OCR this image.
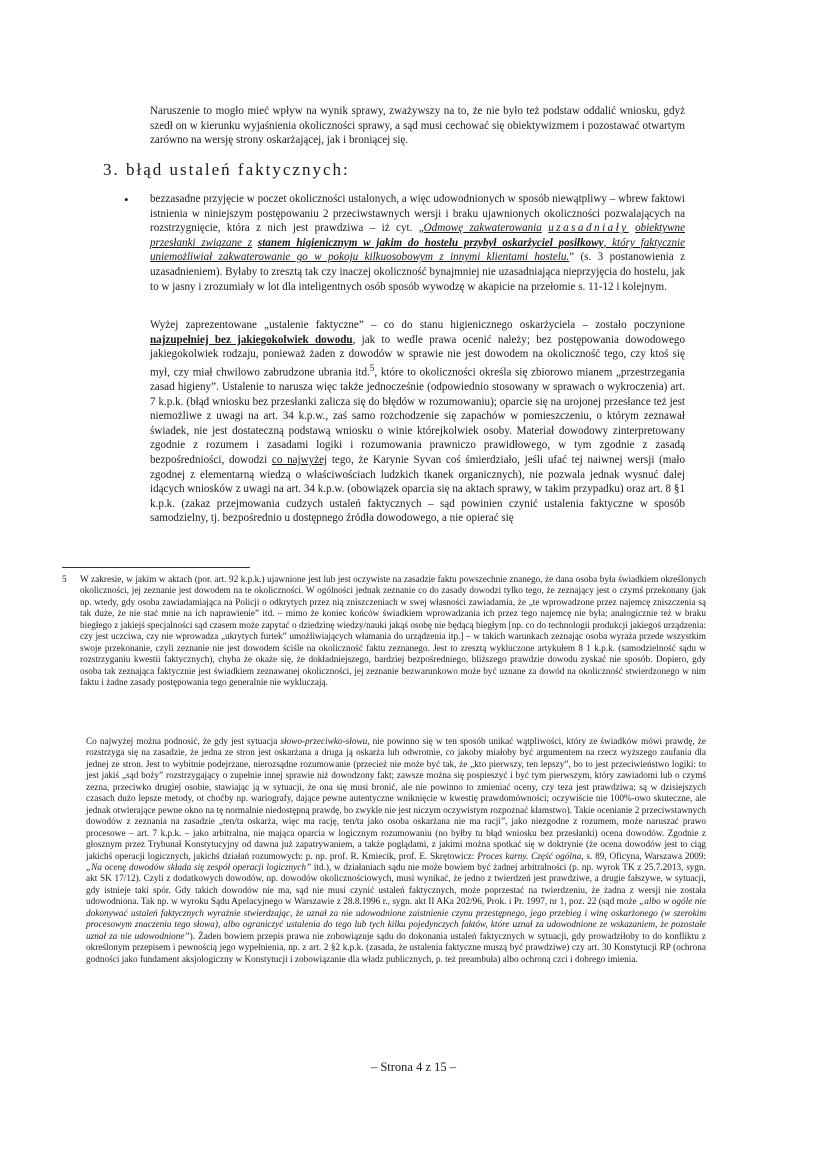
Naruszenie to mogło mieć wpływ na wynik sprawy, zważywszy na to, że nie było też podstaw oddalić wniosku, gdyż szedł on w kierunku wyjaśnienia okoliczności sprawy, a sąd musi cechować się obiektywizmem i pozostawać otwartym zarówno na wersję strony oskarżającej, jak i broniącej się.

3. błąd ustaleń faktycznych:
• bezzasadne przyjęcie w poczet okoliczności ustalonych, a więc udowodnionych w sposób niewątpliwy – wbrew faktowi istnienia w niniejszym postępowaniu 2 przeciwstawnych wersji i braku ujawnionych okoliczności pozwalających na rozstrzygnięcie, która z nich jest prawdziwa – iż cyt. „Odmowę zakwaterowania uzasadniały obiektywne przesłanki związane z stanem higienicznym w jakim do hostelu przybył oskarżyciel posiłkowy, który faktycznie uniemożliwiał zakwaterowanie go w pokoju kilkuosobowym z innymi klientami hostelu.” (s. 3 postanowienia z uzasadnieniem). Byłaby to zresztą tak czy inaczej okoliczność bynajmniej nie uzasadniająca nieprzyjęcia do hostelu, jak to w jasny i zrozumiały w lot dla inteligentnych osób sposób wywodzę w akapicie na przełomie s. 11-12 i kolejnym.

Wyżej zaprezentowane „ustalenie faktyczne” – co do stanu higienicznego oskarżyciela – zostało poczynione najzupełniej bez jakiegokolwiek dowodu, jak to wedle prawa ocenić należy; bez postępowania dowodowego jakiegokolwiek rodzaju, ponieważ żaden z dowodów w sprawie nie jest dowodem na okoliczność tego, czy ktoś się mył, czy miał chwilowo zabrudzone ubrania itd.$^5$, które to okoliczności określa się zbiorowo mianem „przestrzegania zasad higieny”. Ustalenie to narusza więc także jednocześnie (odpowiednio stosowany w sprawach o wykroczenia) art. 7 k.p.k. (błąd wniosku bez przesłanki zalicza się do błędów w rozumowaniu); oparcie się na urojonej przesłance też jest niemożliwe z uwagi na art. 34 k.p.w., zaś samo rozchodzenie się zapachów w pomieszczeniu, o którym zeznawał świadek, nie jest dostateczną podstawą wniosku o winie którejkolwiek osoby. Materiał dowodowy zinterpretowany zgodnie z rozumem i zasadami logiki i rozumowania prawniczo prawidłowego, w tym zgodnie z zasadą bezpośredniości, dowodzi co najwyżej tego, że Karynie Syvan coś śmierdziało, jeśli ufać tej naiwnej wersji (mało zgodnej z elementarną wiedzą o właściwościach ludzkich tkanek organicznych), nie pozwala jednak wysnuć dalej idących wniosków z uwagi na art. 34 k.p.w. (obowiązek oparcia się na aktach sprawy, w takim przypadku) oraz art. 8 §1 k.p.k. (zakaz przejmowania cudzych ustaleń faktycznych – sąd powinien czynić ustalenia faktyczne w sposób samodzielny, tj. bezpośrednio u dostępnego źródła dowodowego, a nie opierać się

5 W zakresie, w jakim w aktach (por. art. 92 k.p.k.) ujawnione jest lub jest oczywiste na zasadzie faktu powszechnie znanego, że dana osoba była świadkiem określonych okoliczności, jej zeznanie jest dowodem na te okoliczności. W ogólności jednak zeznanie co do zasady dowodzi tylko tego, że zeznający jest o czymś przekonany (jak np. wtedy, gdy osoba zawiadamiająca na Policji o odkrytych przez nią zniszczeniach w swej własności zawiadamia, że „te wprowadzone przez najemcę zniszczenia są tak duże, że nie stać mnie na ich naprawienie” itd. – mimo że koniec końców świadkiem wprowadzania ich przez tego najemcę nie była; analogicznie też w braku biegłego z jakiejś specjalności sąd czasem może zapytać o dziedzinę wiedzy/nauki jakąś osobę nie będącą biegłym [np. co do technologii produkcji jakiegoś urządzenia: czy jest uczciwa, czy nie wprowadza „ukrytych furtek” umożliwiających włamania do urządzenia itp.] – w takich warunkach zeznając osoba wyraża przede wszystkim swoje przekonanie, czyli zeznanie nie jest dowodem ściśle na okoliczność faktu zeznanego. Jest to zresztą wykluczone artykułem 8 1 k.p.k. (samodzielność sądu w rozstrzyganiu kwestii faktycznych), chyba że okaże się, że dokładniejszego, bardziej bezpośredniego, bliższego prawdzie dowodu zyskać nie sposób. Dopiero, gdy osoba tak zeznająca faktycznie jest świadkiem zeznawanej okoliczności, jej zeznanie bezwarunkowo może być uznane za dowód na okoliczność stwierdzonego w nim faktu i żadne zasady postępowania tego generalnie nie wykluczają.

Co najwyżej można podnosić, że gdy jest sytuacja słowo-przeciwko-słowu, nie powinno się w ten sposób unikać wątpliwości, który ze świadków mówi prawdę, że rozstrzyga się na zasadzie, że jedna ze stron jest oskarżana a druga ją oskarża lub odwrotnie, co jakoby miałoby być argumentem na rzecz wyższego zaufania dla jednej ze stron. Jest to wybitnie podejrzane, nierozsądne rozumowanie (przecież nie może być tak, że „kto pierwszy, ten lepszy”, bo to jest przeciwieństwo logiki: to jest jakiś „sąd boży” rozstrzygający o zupełnie innej sprawie niż dowodzony fakt; zawsze można się pospieszyć i być tym pierwszym, który zawiadomi lub o czymś zezna, przeciwko drugiej osobie, stawiając ją w sytuacji, że ona się musi bronić, ale nie powinno to zmieniać oceny, czy teza jest prawdziwa; są w dzisiejszych czasach dużo lepsze metody, ot choćby np. wariografy, dające pewne autentyczne wniknięcie w kwestię prawdomówności; oczywiście nie 100%-owo skuteczne, ale jednak otwierające pewne okno na tę normalnie niedostępną prawdę, bo zwykle nie jest niczym oczywistym rozpoznać kłamstwo). Takie ocenianie 2 przeciwstawnych dowodów z zeznania na zasadzie „ten/ta oskarża, więc ma rację, ten/ta jako osoba oskarżana nie ma racji”, jako niezgodne z rozumem, może naruszać prawo procesowe – art. 7 k.p.k. – jako arbitralna, nie mająca oparcia w logicznym rozumowaniu (no byłby tu błąd wniosku bez przesłanki) ocena dowodów. Zgodnie z głosznym przez Trybunał Konstytucyjny od dawna już zapatrywaniem, a także poglądami, z jakimi można spotkać się w doktrynie (że ocena dowodów jest to ciąg jakichś operacji logicznych, jakichś działań rozumowych: p. np. prof. R. Kmiecik, prof. E. Skrętowicz: Proces karny. Część ogólna, s. 89, Oficyna, Warszawa 2009: „Na ocenę dowodów składa się zespół operacji logicznych” itd.), w działaniach sądu nie może bowiem być żadnej arbitralności (p. np. wyrok TK z 25.7.2013, sygn. akt SK 17/12). Czyli z dodatkowych dowodów, np. dowodów okolicznościowych, musi wynikać, że jedno z twierdzeń jest prawdziwe, a drugie fałszywe, w sytuacji, gdy istnieje taki spór. Gdy takich dowodów nie ma, sąd nie musi czynić ustaleń faktycznych, może poprzestać na twierdzeniu, że żadna z wersji nie została udowodniona. Tak np. w wyroku Sądu Apelacyjnego w Warszawie z 28.8.1996 r., sygn. akt II AKa 202/96, Prok. i Pr. 1997, nr 1, poz. 22 (sąd może „albo w ogóle nie dokonywać ustaleń faktycznych wyraźnie stwierdzając, że uznał za nie udowodnione zaistnienie czynu przestępnego, jego przebieg i winę oskarżonego (w szerokim procesowym znaczeniu tego słowa), albo ograniczyć ustalenia do tego lub tych kilku pojedynczych faktów, które uznał za udowodnione ze wskazaniem, że pozostałe uznał za nie udowodnione”). Żaden bowiem przepis prawa nie zobowiązuje sądu do dokonania ustaleń faktycznych w sytuacji, gdy prowadziłoby to do konfliktu z określonym przepisem i pewnością jego wypełnienia, np. z art. 2 §2 k.p.k. (zasada, że ustalenia faktyczne muszą być prawdziwe) czy art. 30 Konstytucji RP (ochrona godności jako fundament aksjologiczny w Konstytucji i zobowiązanie dla władz publicznych, p. też preambuła) albo ochroną czci i dobrego imienia.

– Strona 4 z 15 –
